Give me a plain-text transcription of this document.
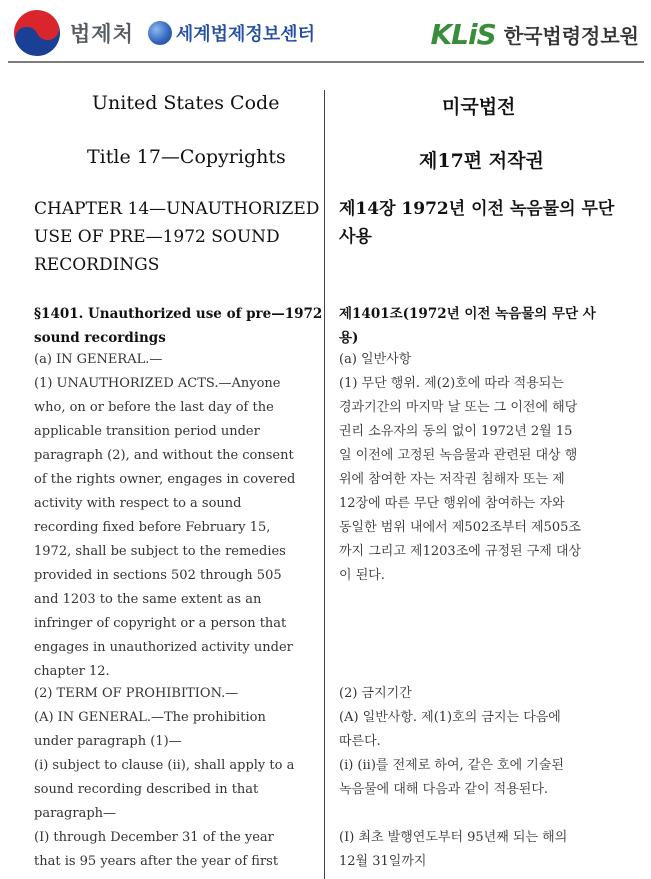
법제처 세계법제정보센터	KLiS 한국법령정보원
United States Code
Title 17—Copyrights
CHAPTER 14—UNAUTHORIZED
USE OF PRE—1972 SOUND
RECORDINGS
§1401. Unauthorized use of pre—1972
sound recordings
(a) IN GENERAL.—
(1) UNAUTHORIZED ACTS.—Anyone
who, on or before the last day of the
applicable transition period under
paragraph (2), and without the consent
of the rights owner, engages in covered
activity with respect to a sound
recording fixed before February 15,
1972, shall be subject to the remedies
provided in sections 502 through 505
and 1203 to the same extent as an
infringer of copyright or a person that
engages in unauthorized activity under
chapter 12.
(2) TERM OF PROHIBITION.—
(A) IN GENERAL.—The prohibition
under paragraph (1)—
(i) subject to clause (ii), shall apply to a
sound recording described in that
paragraph—
(I) through December 31 of the year
that is 95 years after the year of first
미국법전
제17편 저작권
제14장 1972년 이전 녹음물의 무단
사용
제1401조(1972년 이전 녹음물의 무단 사
용)
(a) 일반사항
(1) 무단 행위. 제(2)호에 따라 적용되는
경과기간의 마지막 날 또는 그 이전에 해당
권리 소유자의 동의 없이 1972년 2월 15
일 이전에 고정된 녹음물과 관련된 대상 행
위에 참여한 자는 저작권 침해자 또는 제
12장에 따른 무단 행위에 참여하는 자와
동일한 범위 내에서 제502조부터 제505조
까지 그리고 제1203조에 규정된 구제 대상
이 된다.
(2) 금지기간
(A) 일반사항. 제(1)호의 금지는 다음에
따른다.
(i) (ii)를 전제로 하여, 같은 호에 기술된
녹음물에 대해 다음과 같이 적용된다.
(I) 최초 발행연도부터 95년째 되는 해의
12월 31일까지
